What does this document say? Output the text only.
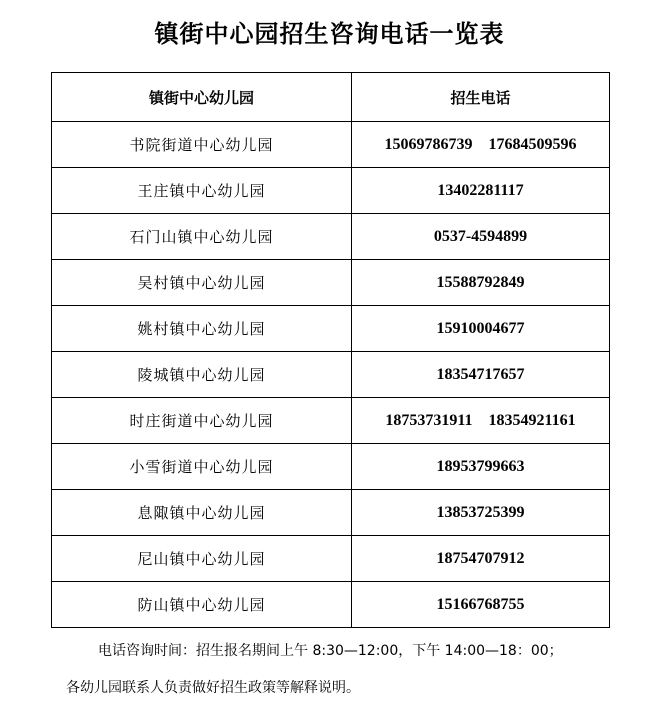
镇街中心园招生咨询电话一览表
镇街中心幼儿园	招生电话
书院街道中心幼儿园	15069786739    17684509596
王庄镇中心幼儿园	13402281117
石门山镇中心幼儿园	0537-4594899
吴村镇中心幼儿园	15588792849
姚村镇中心幼儿园	15910004677
陵城镇中心幼儿园	18354717657
时庄街道中心幼儿园	18753731911    18354921161
小雪街道中心幼儿园	18953799663
息陬镇中心幼儿园	13853725399
尼山镇中心幼儿园	18754707912
防山镇中心幼儿园	15166768755
电话咨询时间：招生报名期间上午 8:30—12:00，下午 14:00—18：00；
各幼儿园联系人负责做好招生政策等解释说明。
